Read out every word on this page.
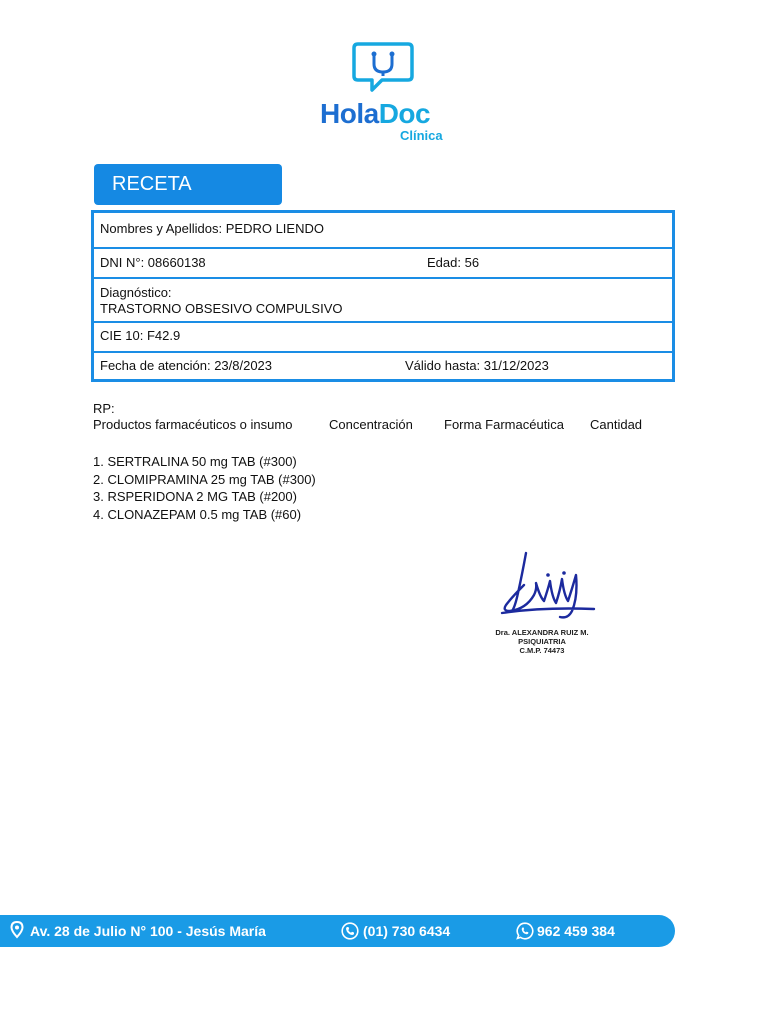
HolaDoc
Clínica
RECETA
Nombres y Apellidos: PEDRO LIENDO
DNI N°: 08660138	Edad: 56
Diagnóstico:
TRASTORNO OBSESIVO COMPULSIVO
CIE 10: F42.9
Fecha de atención: 23/8/2023	Válido hasta: 31/12/2023
RP:
Productos farmacéuticos o insumo	Concentración Forma Farmacéutica Cantidad
1. SERTRALINA 50 mg TAB (#300)
2. CLOMIPRAMINA 25 mg TAB (#300)
3. RSPERIDONA 2 MG TAB (#200)
4. CLONAZEPAM 0.5 mg TAB (#60)
Dra. ALEXANDRA RUIZ M.
PSIQUIATRIA
C.M.P. 74473
Av. 28 de Julio N° 100 - Jesús María	(01) 730 6434	962 459 384
